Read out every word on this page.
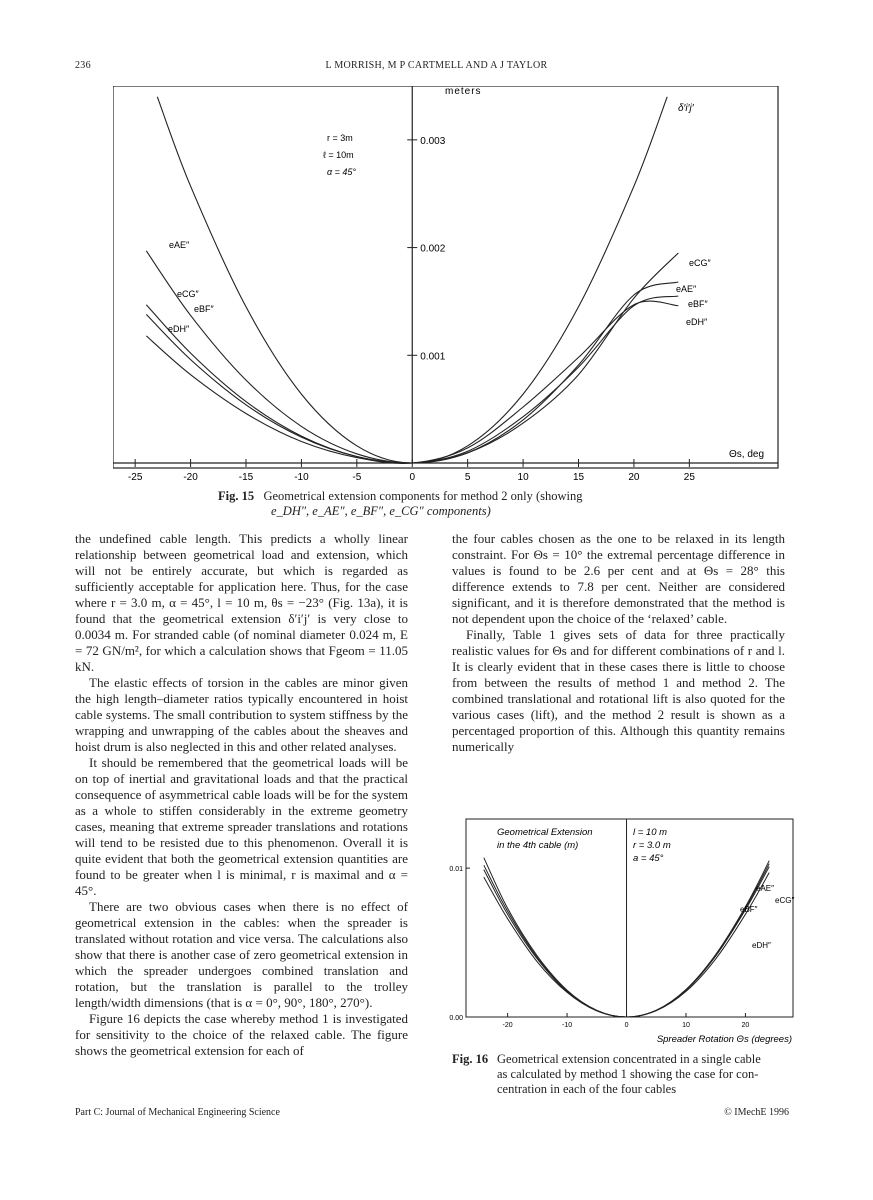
236	L MORRISH, M P CARTMELL AND A J TAYLOR
-25	-20	-15	-10	-5	0	5	10	15	20	25
0.001
0.002
0.003
meters
Θs, deg
r = 3m
ℓ = 10m
α = 45°
δ′i′j′
eAE″
eCG″
eBF″
eDH″
eCG″
eAE″
eBF″
eDH″
Fig. 15 Geometrical extension components for method 2 only (showing
e_DH″, e_AE″, e_BF″, e_CG″ components)

the undefined cable length. This predicts a wholly linear relationship between geometrical load and extension, which will not be entirely accurate, but which is regarded as sufficiently acceptable for application here. Thus, for the case where r = 3.0 m, α = 45°, l = 10 m, θs = −23° (Fig. 13a), it is found that the geometrical extension δ′i′j′ is very close to 0.0034 m. For stranded cable (of nominal diameter 0.024 m, E = 72 GN/m², for which a calculation shows that Fgeom = 11.05 kN.

The elastic effects of torsion in the cables are minor given the high length–diameter ratios typically encountered in hoist cable systems. The small contribution to system stiffness by the wrapping and unwrapping of the cables about the sheaves and hoist drum is also neglected in this and other related analyses.

It should be remembered that the geometrical loads will be on top of inertial and gravitational loads and that the practical consequence of asymmetrical cable loads will be for the system as a whole to stiffen considerably in the extreme geometry cases, meaning that extreme spreader translations and rotations will tend to be resisted due to this phenomenon. Overall it is quite evident that both the geometrical extension quantities are found to be greater when l is minimal, r is maximal and α = 45°.

There are two obvious cases when there is no effect of geometrical extension in the cables: when the spreader is translated without rotation and vice versa. The calculations also show that there is another case of zero geometrical extension in which the spreader undergoes combined translation and rotation, but the translation is parallel to the trolley length/width dimensions (that is α = 0°, 90°, 180°, 270°).

Figure 16 depicts the case whereby method 1 is investigated for sensitivity to the choice of the relaxed cable. The figure shows the geometrical extension for each of

the four cables chosen as the one to be relaxed in its length constraint. For Θs = 10° the extremal percentage difference in values is found to be 2.6 per cent and at Θs = 28° this difference extends to 7.8 per cent. Neither are considered significant, and it is therefore demonstrated that the method is not dependent upon the choice of the ‘relaxed’ cable.

Finally, Table 1 gives sets of data for three practically realistic values for Θs and for different combinations of r and l. It is clearly evident that in these cases there is little to choose from between the results of method 1 and method 2. The combined translational and rotational lift is also quoted for the various cases (lift), and the method 2 result is shown as a percentaged proportion of this. Although this quantity remains numerically

-20	-10	0	10	20
0.00
0.01
Geometrical Extension
in the 4th cable (m)
l = 10 m
r = 3.0 m
a = 45°
eAE″
eCG″
eBF″
eDH″
Spreader Rotation Θs (degrees)
Fig. 16 Geometrical extension concentrated in a single cable
as calculated by method 1 showing the case for con-
centration in each of the four cables
Part C: Journal of Mechanical Engineering Science	© IMechE 1996
